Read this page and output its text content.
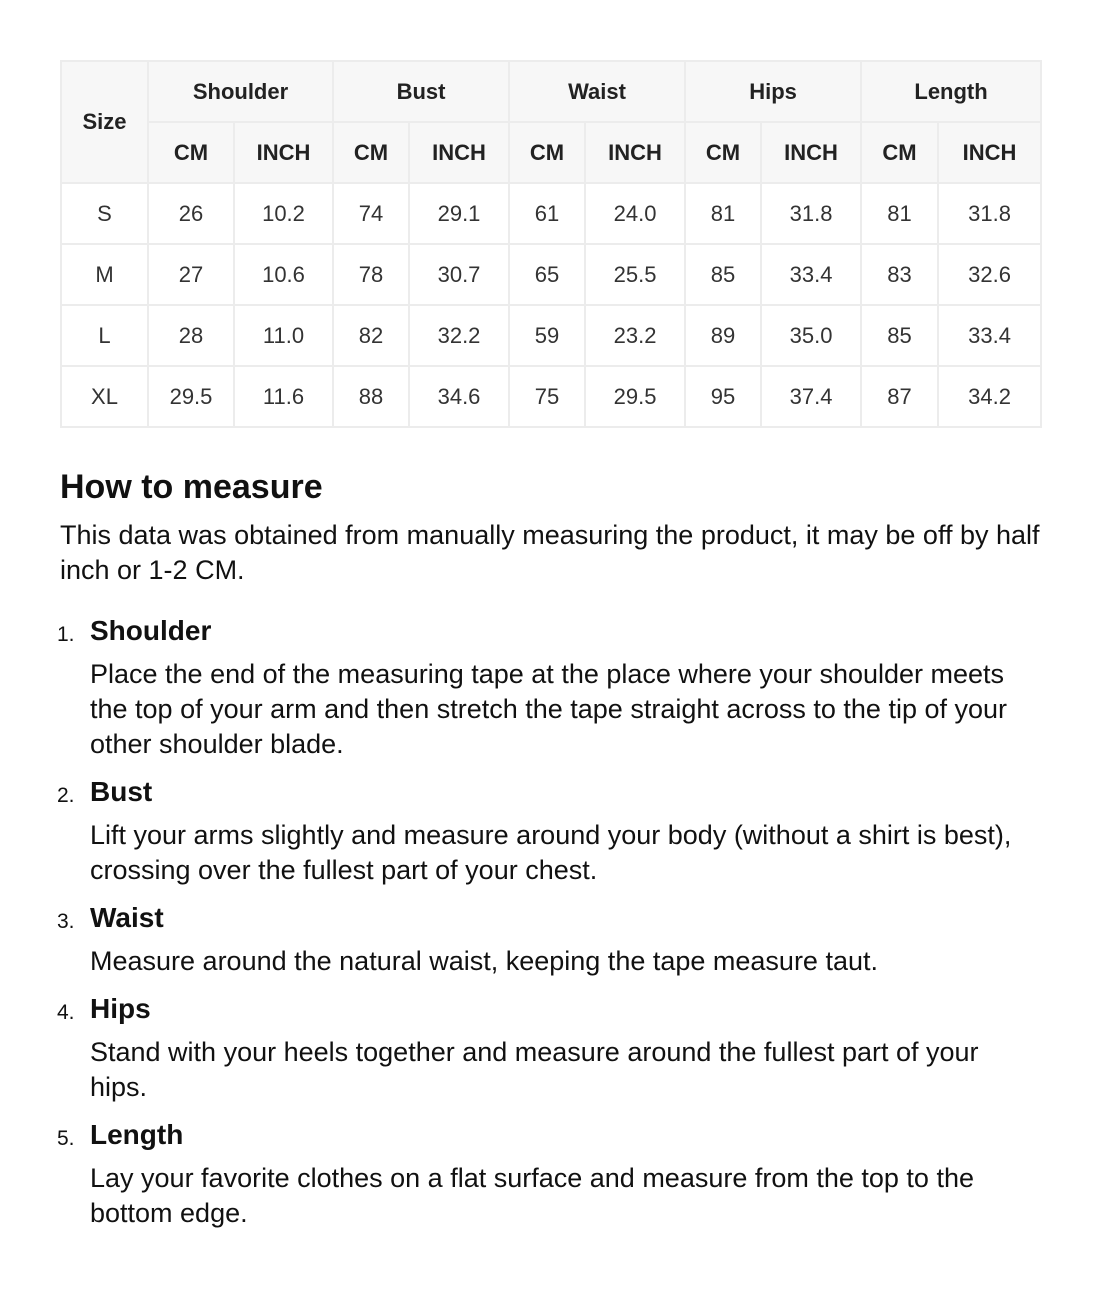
Size	Shoulder		Bust		Waist		Hips		Length	
	CM	INCH	CM	INCH	CM	INCH	CM	INCH	CM	INCH
S	26	10.2	74	29.1	61	24.0	81	31.8	81	31.8
M	27	10.6	78	30.7	65	25.5	85	33.4	83	32.6
L	28	11.0	82	32.2	59	23.2	89	35.0	85	33.4
XL	29.5	11.6	88	34.6	75	29.5	95	37.4	87	34.2
How to measure

This data was obtained from manually measuring the product, it may be off by half inch or 1-2 CM.

1. Shoulder
Place the end of the measuring tape at the place where your shoulder meets the top of your arm and then stretch the tape straight across to the tip of your other shoulder blade.
2. Bust
Lift your arms slightly and measure around your body (without a shirt is best), crossing over the fullest part of your chest.
3. Waist
Measure around the natural waist, keeping the tape measure taut.
4. Hips
Stand with your heels together and measure around the fullest part of your hips.
5. Length
Lay your favorite clothes on a flat surface and measure from the top to the bottom edge.
